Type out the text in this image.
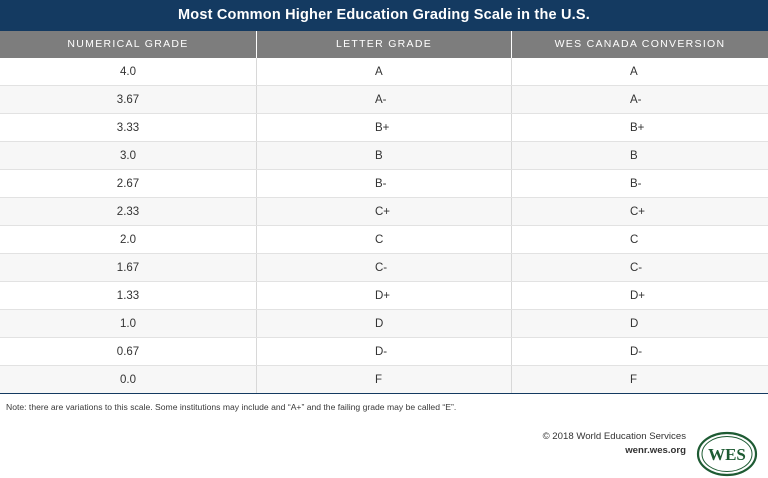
Most Common Higher Education Grading Scale in the U.S.
NUMERICAL GRADE	LETTER GRADE	WES CANADA CONVERSION
4.0	A	A
3.67	A-	A-
3.33	B+	B+
3.0	B	B
2.67	B-	B-
2.33	C+	C+
2.0	C	C
1.67	C-	C-
1.33	D+	D+
1.0	D	D
0.67	D-	D-
0.0	F	F
Note: there are variations to this scale. Some institutions may include and “A+” and the failing grade may be called “E”.
© 2018 World Education Services
wenr.wes.org WES
